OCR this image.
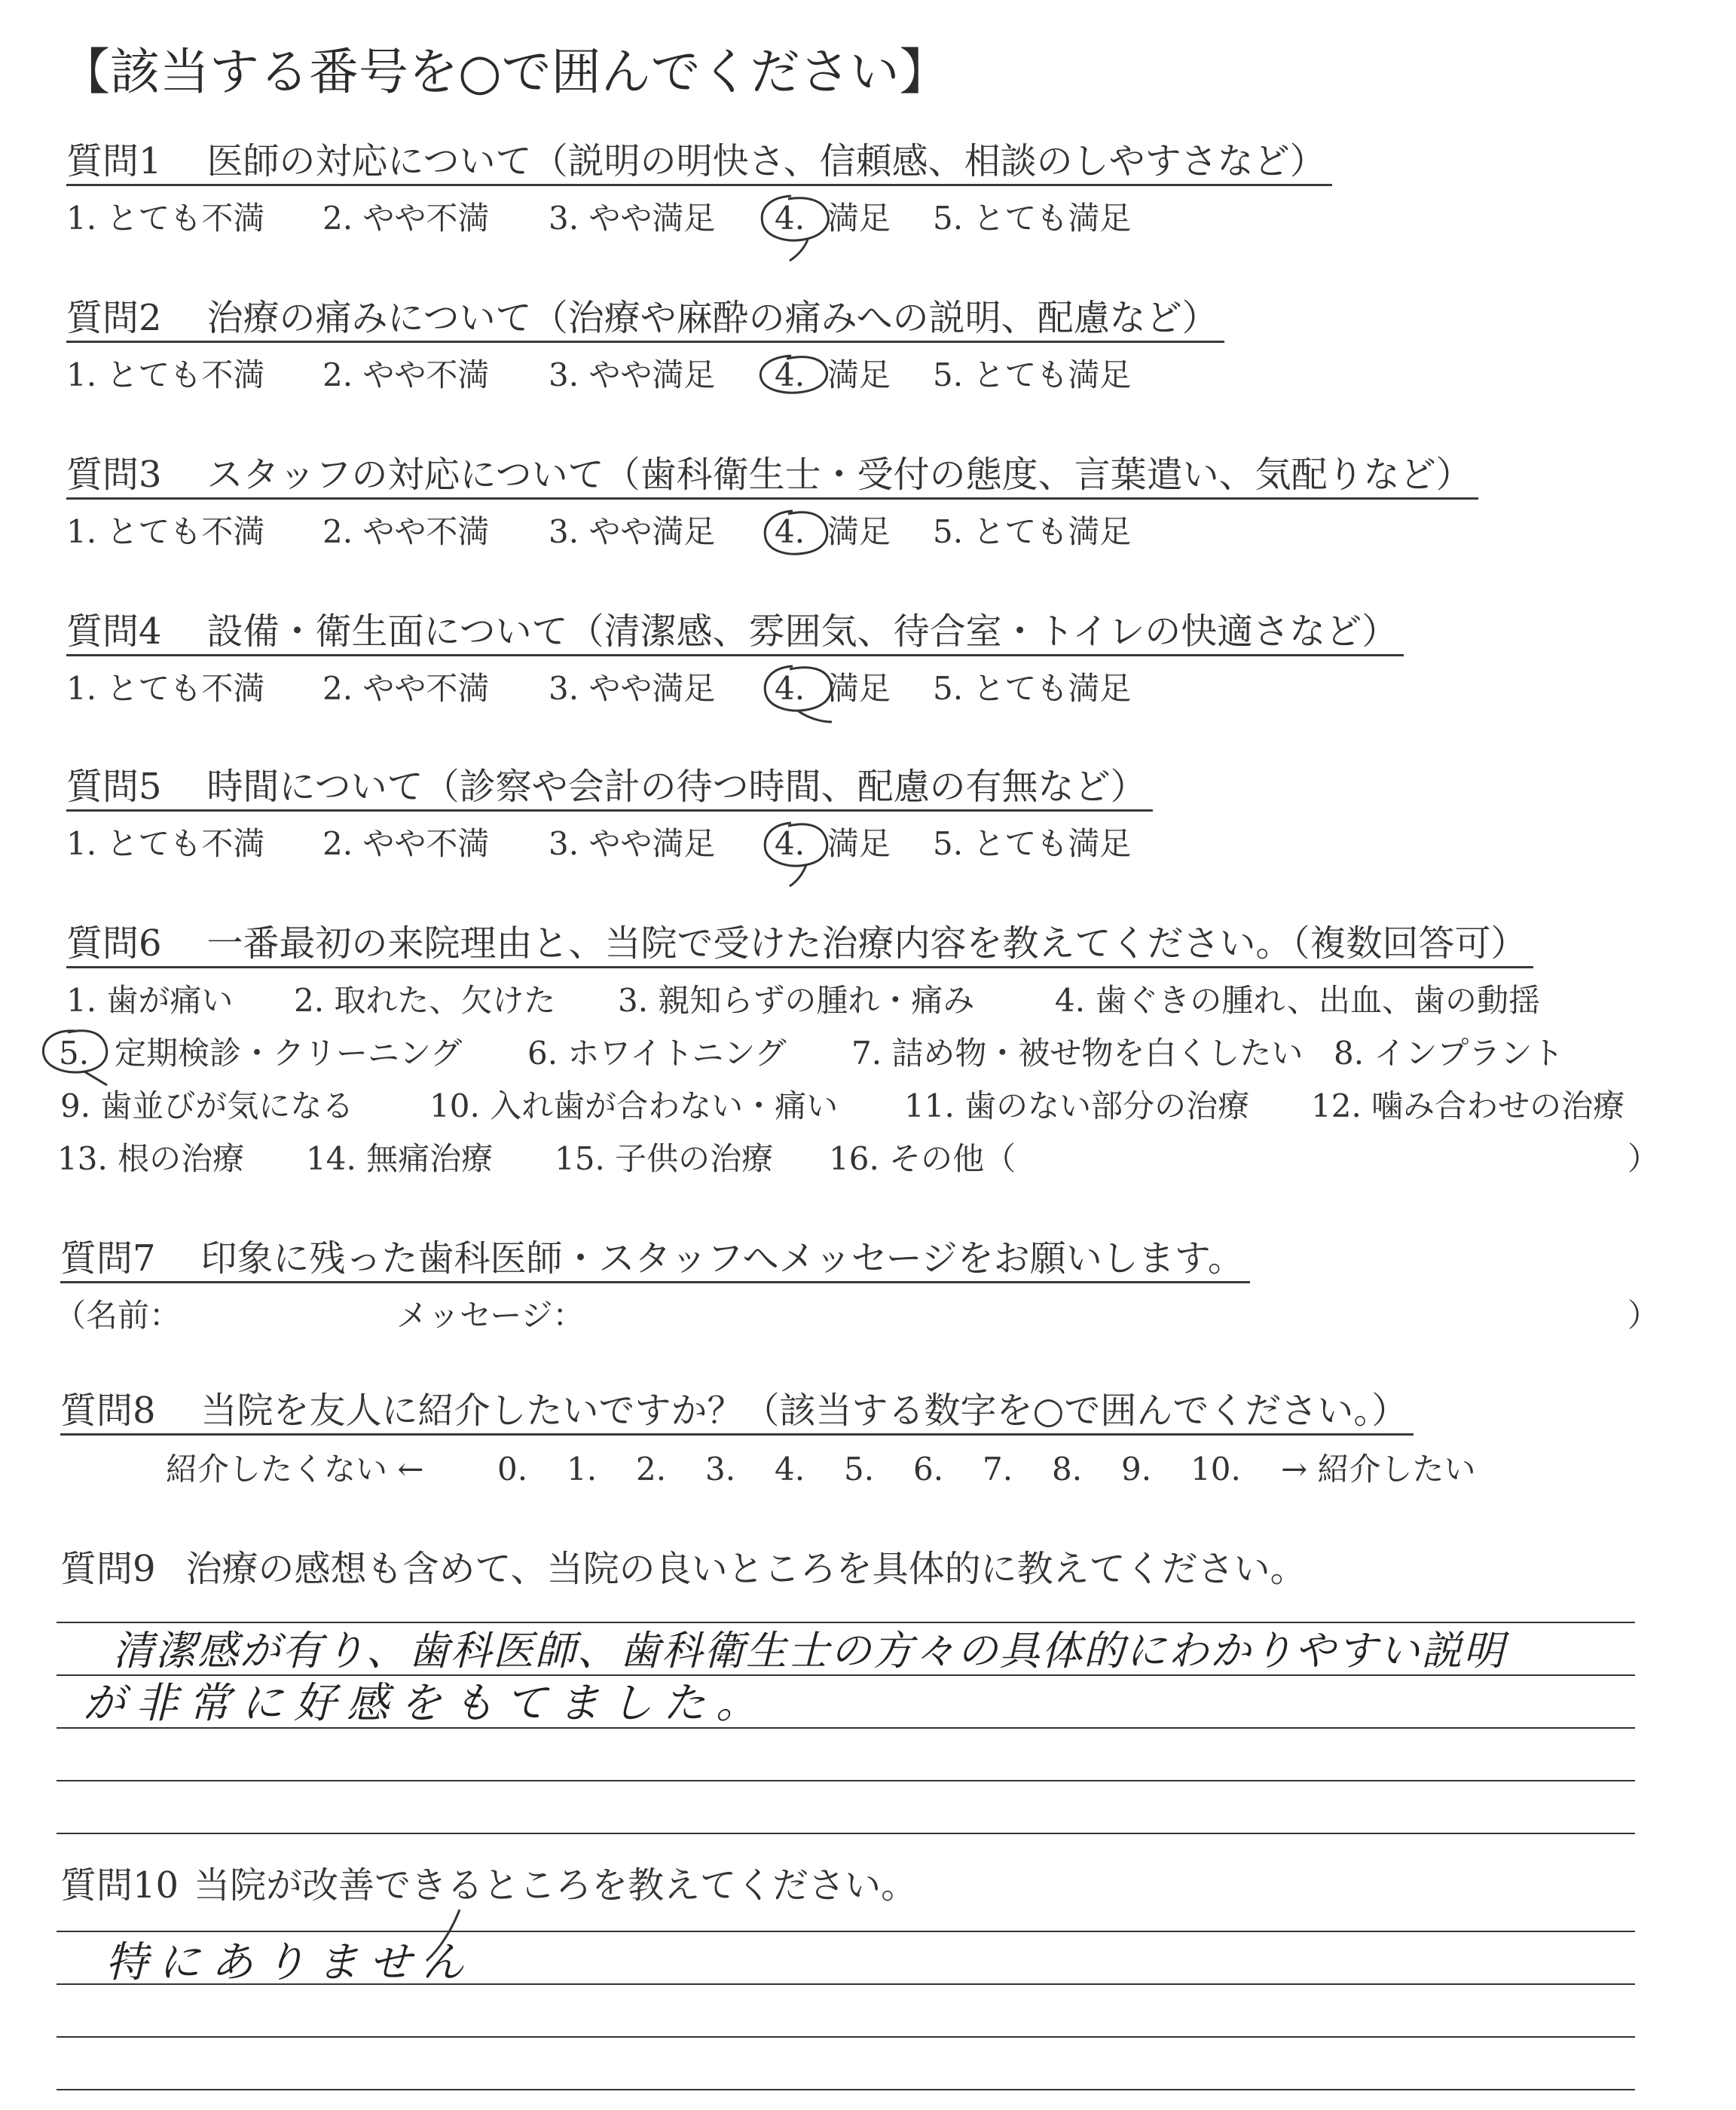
【該当する番号を○で囲んでください】
質問1 医師の対応について（説明の明快さ、信頼感、相談のしやすさなど）
1. とても不満 2. やや不満 3. やや満足 4. 満足 5. とても満足
質問2 治療の痛みについて（治療や麻酔の痛みへの説明、配慮など）
1. とても不満 2. やや不満 3. やや満足 4. 満足 5. とても満足
質問3 スタッフの対応について（歯科衛生士・受付の態度、言葉遣い、気配りなど）
1. とても不満 2. やや不満 3. やや満足 4. 満足 5. とても満足
質問4 設備・衛生面について（清潔感、雰囲気、待合室・トイレの快適さなど）
1. とても不満 2. やや不満 3. やや満足 4. 満足 5. とても満足
質問5 時間について（診察や会計の待つ時間、配慮の有無など）
1. とても不満 2. やや不満 3. やや満足 4. 満足 5. とても満足
質問6 一番最初の来院理由と、当院で受けた治療内容を教えてください。（複数回答可）
1. 歯が痛い 2. 取れた、欠けた 3. 親知らずの腫れ・痛み	4. 歯ぐきの腫れ、出血、歯の動揺
5. 定期検診・クリーニング 6. ホワイトニング 7. 詰め物・被せ物を白くしたい 8. インプラント
9. 歯並びが気になる 10. 入れ歯が合わない・痛い 11. 歯のない部分の治療 12. 噛み合わせの治療
13. 根の治療 14. 無痛治療 15. 子供の治療 16. その他（	）
質問7 印象に残った歯科医師・スタッフへメッセージをお願いします。
（名前：	メッセージ：	）
質問8 当院を友人に紹介したいですか？（該当する数字を○で囲んでください。）
紹介したくない ← 0. 1. 2. 3. 4. 5. 6. 7. 8. 9. 10. → 紹介したい
質問9 治療の感想も含めて、当院の良いところを具体的に教えてください。
清潔感が有り、歯科医師、歯科衛生士の方々の具体的にわかりやすい説明
が非常に好感をもてました。
質問10 当院が改善できるところを教えてください。
特にありません
